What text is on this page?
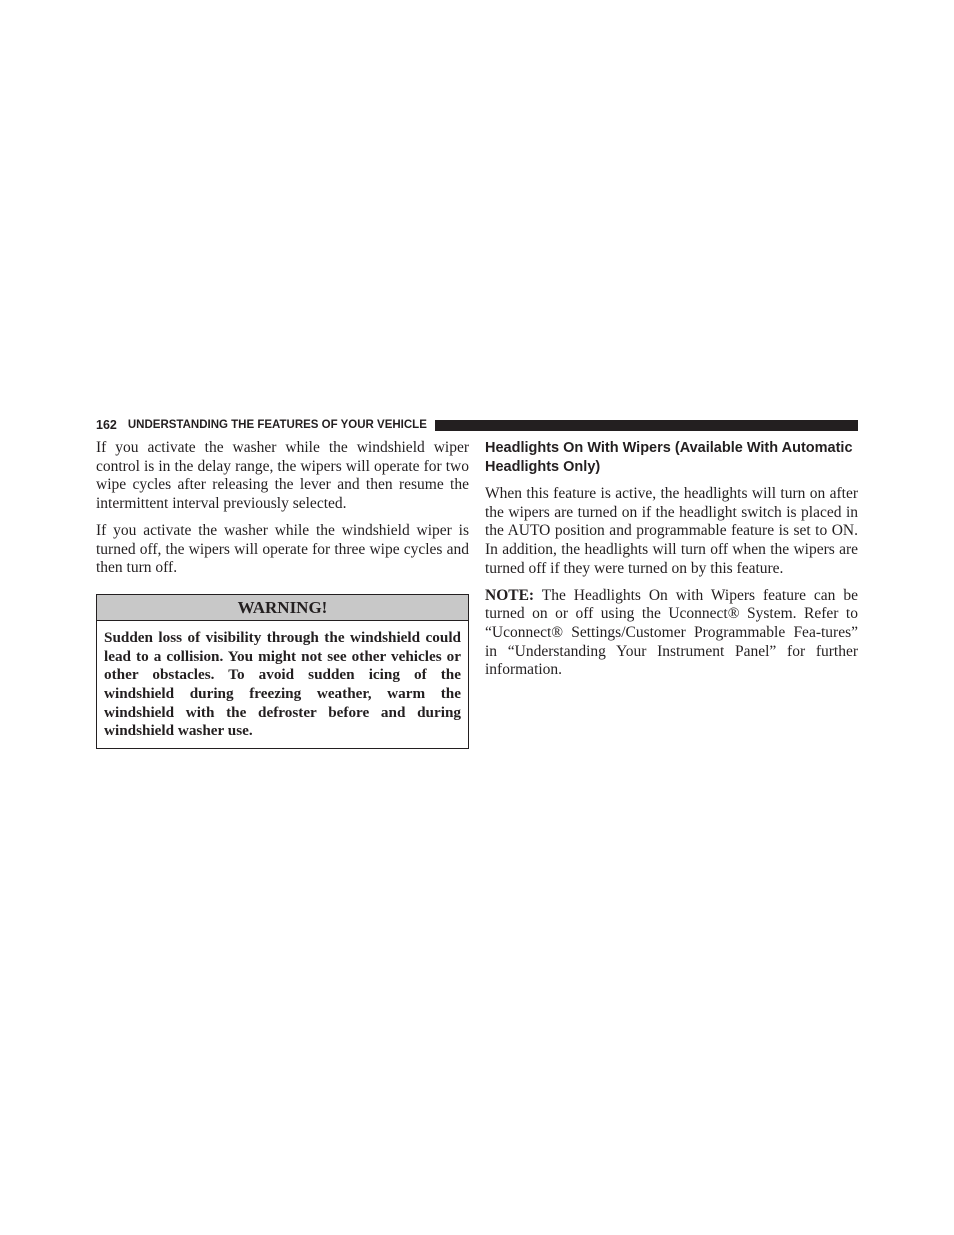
162 UNDERSTANDING THE FEATURES OF YOUR VEHICLE

If you activate the washer while the windshield wiper control is in the delay range, the wipers will operate for two wipe cycles after releasing the lever and then resume the intermittent interval previously selected.

If you activate the washer while the windshield wiper is turned off, the wipers will operate for three wipe cycles and then turn off.

WARNING!
Sudden loss of visibility through the windshield could lead to a collision. You might not see other vehicles or other obstacles. To avoid sudden icing of the windshield during freezing weather, warm the windshield with the defroster before and during windshield washer use.
Headlights On With Wipers (Available With Automatic Headlights Only)

When this feature is active, the headlights will turn on after the wipers are turned on if the headlight switch is placed in the AUTO position and programmable feature is set to ON. In addition, the headlights will turn off when the wipers are turned off if they were turned on by this feature.

NOTE: The Headlights On with Wipers feature can be turned on or off using the Uconnect® System. Refer to “Uconnect® Settings/Customer Programmable Fea-tures” in “Understanding Your Instrument Panel” for further information.
